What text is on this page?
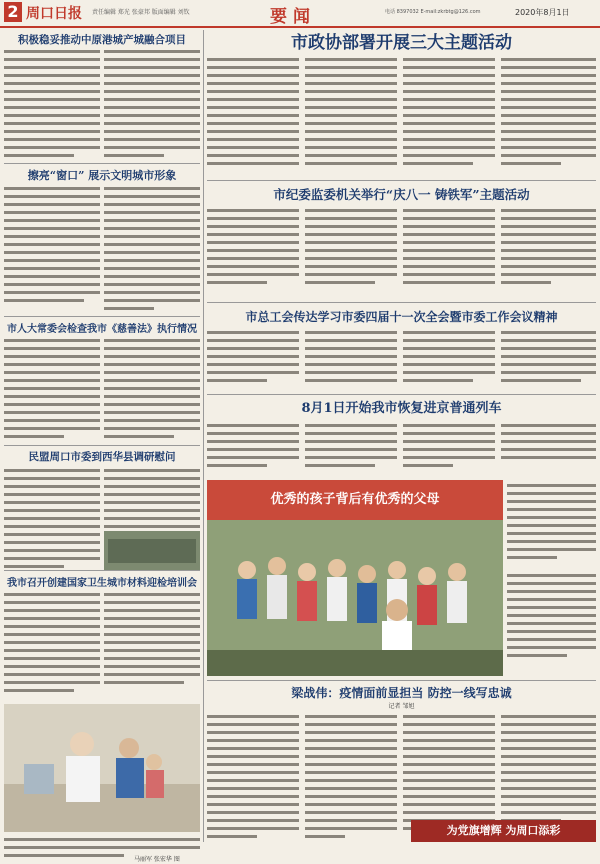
2 周口日报 责任编辑 郑光 张豪邦 版面编辑 刘钦	要闻	电话 8397032 E-mail:zkrbtg@126.com	2020年8月1日
积极稳妥推动中原港城产城融合项目
擦亮“窗口” 展示文明城市形象
市人大常委会检查我市《慈善法》执行情况
民盟周口市委到西华县调研慰问
我市召开创建国家卫生城市材料迎检培训会
马丽军 张宏华 图
市政协部署开展三大主题活动
市纪委监委机关举行“庆八一 铸铁军”主题活动
市总工会传达学习市委四届十一次全会暨市委工作会议精神
8月1日开始我市恢复进京普通列车
优秀的孩子背后有优秀的父母
梁战伟：疫情面前显担当 防控一线写忠诚
记者 邹旭
为党旗增辉 为周口添彩
